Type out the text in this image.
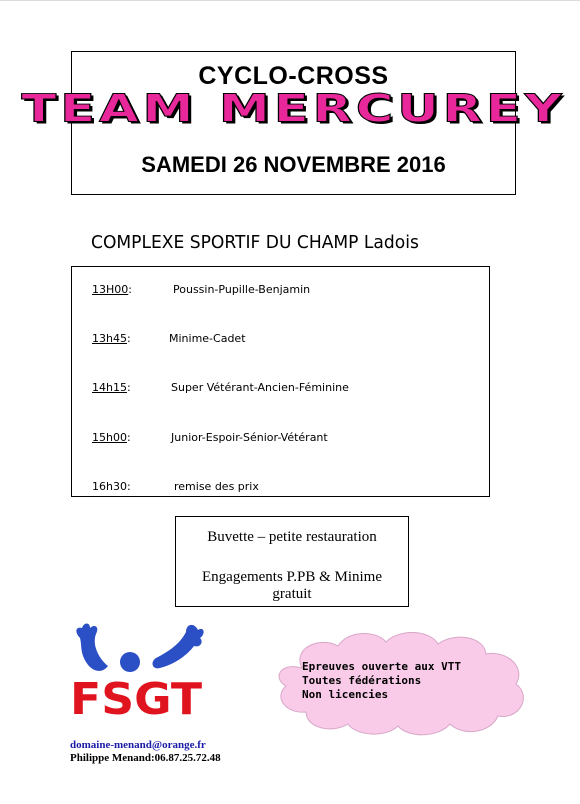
CYCLO-CROSS
TEAM MERCUREY
SAMEDI 26 NOVEMBRE 2016
COMPLEXE SPORTIF DU CHAMP Ladois
13H00:	Poussin-Pupille-Benjamin
13h45:	Minime-Cadet
14h15:	Super Vétérant-Ancien-Féminine
15h00:	Junior-Espoir-Sénior-Vétérant
16h30:	remise des prix
Buvette – petite restauration
Engagements P.PB & Minime
gratuit
FSGT
Epreuves ouverte aux VTT
Toutes fédérations
Non licencies
domaine-menand@orange.fr
Philippe Menand:06.87.25.72.48
